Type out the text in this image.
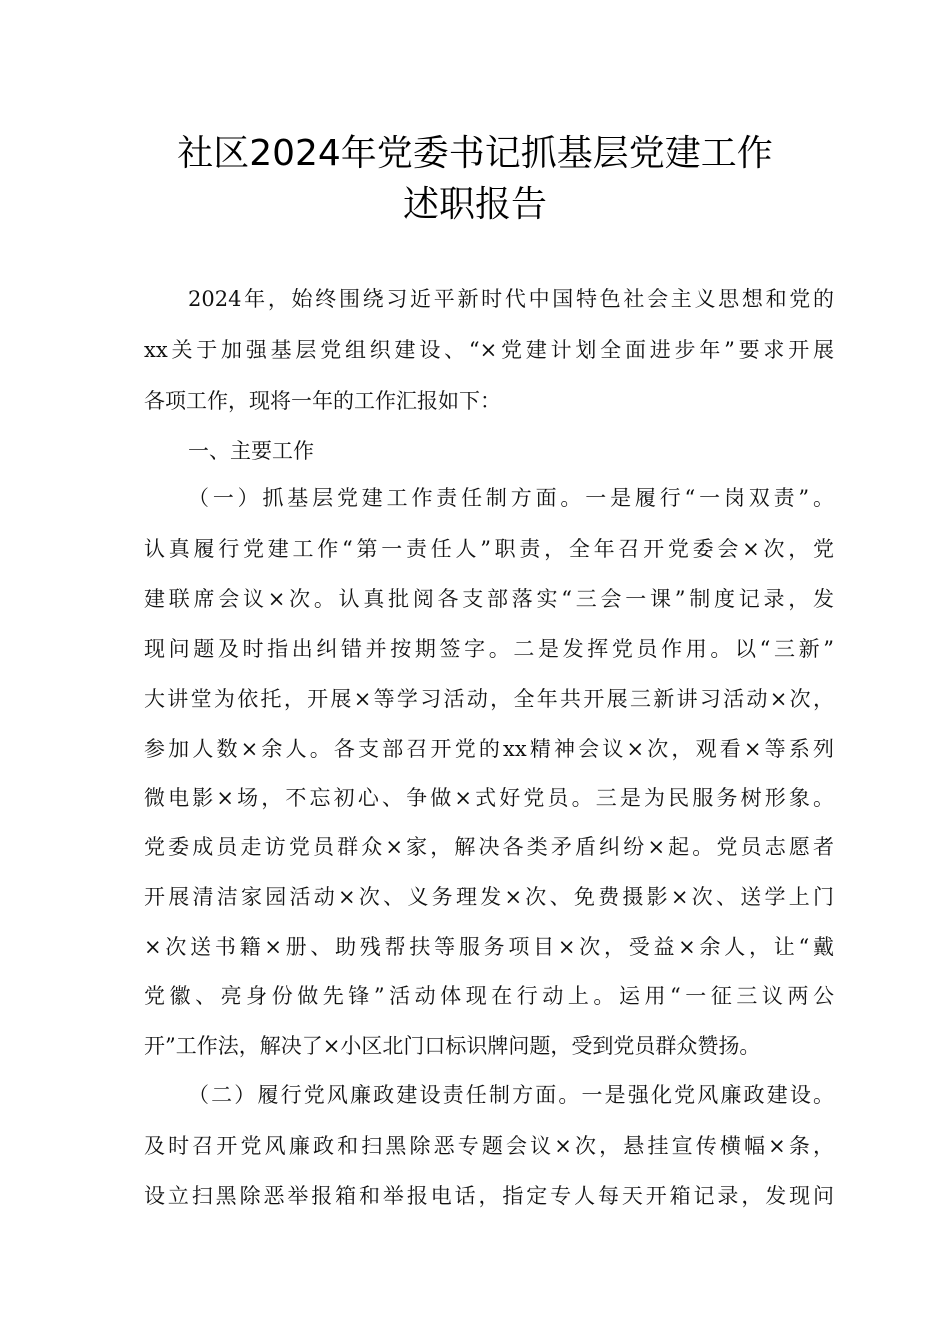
社区2024年党委书记抓基层党建工作
述职报告
2024年，始终围绕习近平新时代中国特色社会主义思想和党的
xx关于加强基层党组织建设、“×党建计划全面进步年”要求开展
各项工作，现将一年的工作汇报如下：
一、主要工作
（一）抓基层党建工作责任制方面。一是履行“一岗双责”。
认真履行党建工作“第一责任人”职责，全年召开党委会×次，党
建联席会议×次。认真批阅各支部落实“三会一课”制度记录，发
现问题及时指出纠错并按期签字。二是发挥党员作用。以“三新”
大讲堂为依托，开展×等学习活动，全年共开展三新讲习活动×次，
参加人数×余人。各支部召开党的xx精神会议×次，观看×等系列
微电影×场，不忘初心、争做×式好党员。三是为民服务树形象。
党委成员走访党员群众×家，解决各类矛盾纠纷×起。党员志愿者
开展清洁家园活动×次、义务理发×次、免费摄影×次、送学上门
×次送书籍×册、助残帮扶等服务项目×次，受益×余人，让“戴
党徽、亮身份做先锋”活动体现在行动上。运用“一征三议两公
开”工作法，解决了×小区北门口标识牌问题，受到党员群众赞扬。
（二）履行党风廉政建设责任制方面。一是强化党风廉政建设。
及时召开党风廉政和扫黑除恶专题会议×次，悬挂宣传横幅×条，
设立扫黑除恶举报箱和举报电话，指定专人每天开箱记录，发现问
